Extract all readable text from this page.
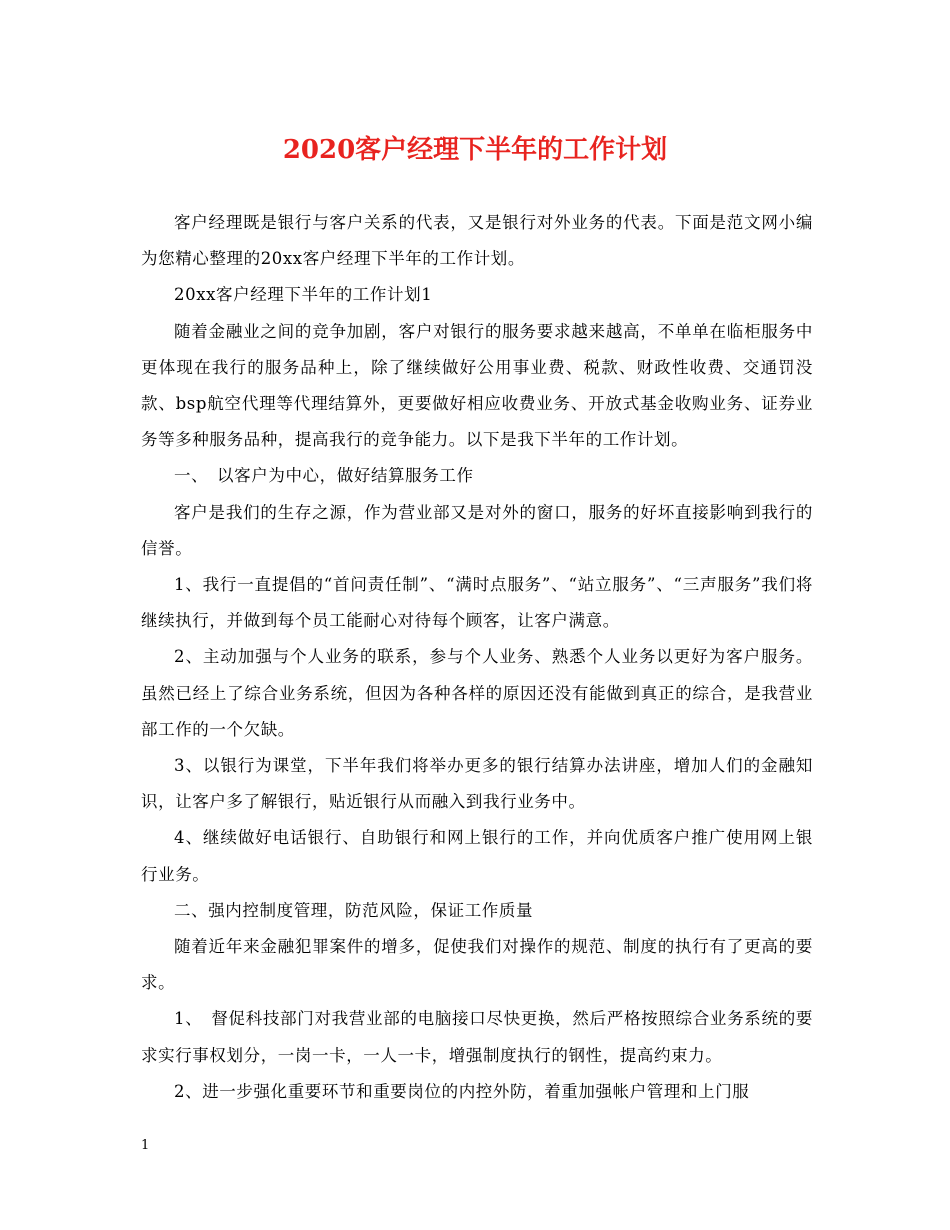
2020客户经理下半年的工作计划

客户经理既是银行与客户关系的代表，又是银行对外业务的代表。下面是范文网小编为您精心整理的20xx客户经理下半年的工作计划。

20xx客户经理下半年的工作计划1

随着金融业之间的竞争加剧，客户对银行的服务要求越来越高，不单单在临柜服务中更体现在我行的服务品种上，除了继续做好公用事业费、税款、财政性收费、交通罚没款、bsp航空代理等代理结算外，更要做好相应收费业务、开放式基金收购业务、证券业务等多种服务品种，提高我行的竞争能力。以下是我下半年的工作计划。

一、　以客户为中心，做好结算服务工作

客户是我们的生存之源，作为营业部又是对外的窗口，服务的好坏直接影响到我行的信誉。

1、我行一直提倡的“首问责任制”、“满时点服务”、“站立服务”、“三声服务”我们将继续执行，并做到每个员工能耐心对待每个顾客，让客户满意。

2、主动加强与个人业务的联系，参与个人业务、熟悉个人业务以更好为客户服务。虽然已经上了综合业务系统，但因为各种各样的原因还没有能做到真正的综合，是我营业部工作的一个欠缺。

3、以银行为课堂，下半年我们将举办更多的银行结算办法讲座，增加人们的金融知识，让客户多了解银行，贴近银行从而融入到我行业务中。

4、继续做好电话银行、自助银行和网上银行的工作，并向优质客户推广使用网上银行业务。

二、强内控制度管理，防范风险，保证工作质量

随着近年来金融犯罪案件的增多，促使我们对操作的规范、制度的执行有了更高的要求。

1、　督促科技部门对我营业部的电脑接口尽快更换，然后严格按照综合业务系统的要求实行事权划分，一岗一卡，一人一卡，增强制度执行的钢性，提高约束力。

2、进一步强化重要环节和重要岗位的内控外防，着重加强帐户管理和上门服

1
